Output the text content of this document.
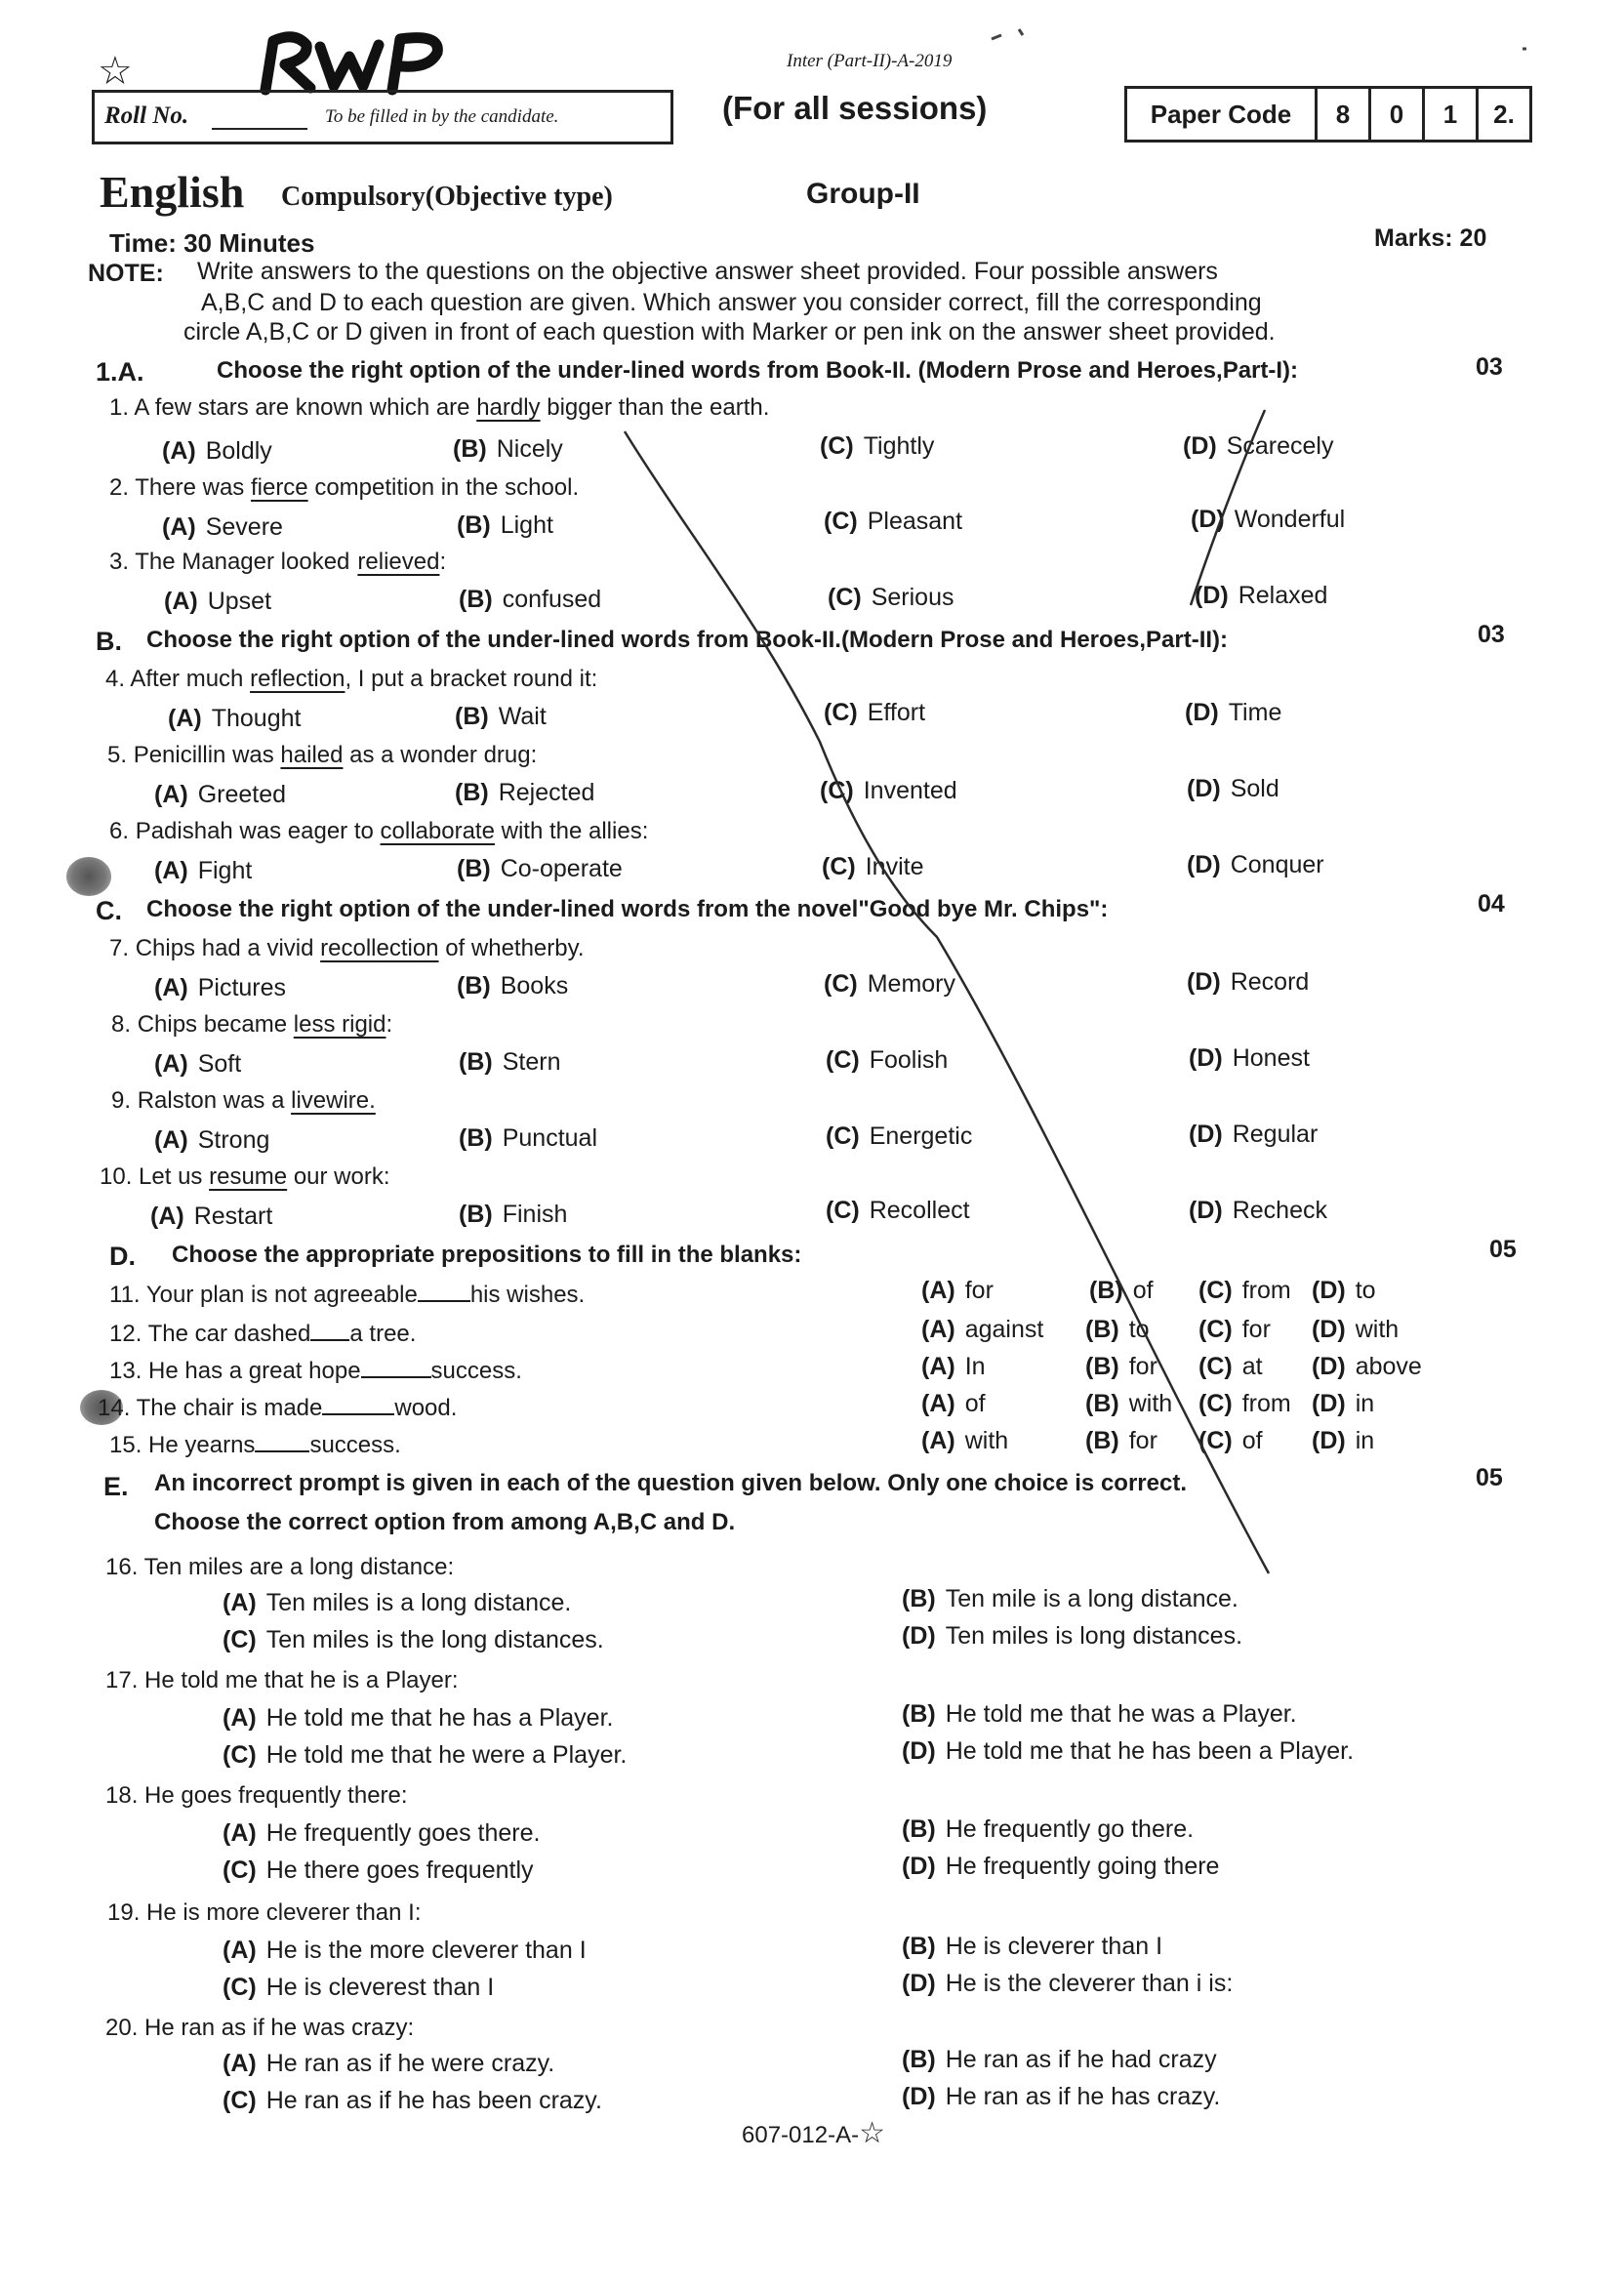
☆	Inter (Part-II)-A-2019
(For all sessions)
Roll No.	To be filled in by the candidate.	Paper Code	8	0	1	2.
English Compulsory(Objective type)	Group-II
Time: 30 Minutes	Marks: 20
NOTE: Write answers to the questions on the objective answer sheet provided. Four possible answers
A,B,C and D to each question are given. Which answer you consider correct, fill the corresponding
circle A,B,C or D given in front of each question with Marker or pen ink on the answer sheet provided.
1.A.	Choose the right option of the under-lined words from Book-II. (Modern Prose and Heroes,Part-I):	03
1. A few stars are known which are hardly bigger than the earth.
(A) Boldly	(B) Nicely	(C) Tightly	(D) Scarecely
2. There was fierce competition in the school.
(A) Severe	(B) Light	(C) Pleasant	(D) Wonderful
3. The Manager looked relieved:
(A) Upset	(B) confused	(C) Serious	(D) Relaxed
B. Choose the right option of the under-lined words from Book-II.(Modern Prose and Heroes,Part-II):	03
4. After much reflection, I put a bracket round it:
(A) Thought	(B) Wait	(C) Effort	(D) Time
5. Penicillin was hailed as a wonder drug:
(A) Greeted	(B) Rejected	(C) Invented	(D) Sold
6. Padishah was eager to collaborate with the allies:
(A) Fight	(B) Co-operate	(C) Invite	(D) Conquer
C. Choose the right option of the under-lined words from the novel"Good bye Mr. Chips":	04
7. Chips had a vivid recollection of whetherby.
(A) Pictures	(B) Books	(C) Memory	(D) Record
8. Chips became less rigid:
(A) Soft	(B) Stern	(C) Foolish	(D) Honest
9. Ralston was a livewire.
(A) Strong	(B) Punctual	(C) Energetic	(D) Regular
10. Let us resume our work:
(A) Restart	(B) Finish	(C) Recollect	(D) Recheck
D. Choose the appropriate prepositions to fill in the blanks:	05
11. Your plan is not agreeable his wishes.	(A) for	(B) of (C) from (D) to
12. The car dashed a tree.	(A) against (B) to (C) for (D) with
13. He has a great hope	success.	(A) In	(B) for (C) at (D) above
14. The chair is made	wood.	(A) of	(B) with (C) from (D) in
15. He yearns success.	(A) with	(B) for (C) of (D) in
E. An incorrect prompt is given in each of the question given below. Only one choice is correct.
Choose the correct option from among A,B,C and D.
05
16. Ten miles are a long distance:
(A) Ten miles is a long distance.	(B) Ten mile is a long distance.
(C) Ten miles is the long distances.	(D) Ten miles is long distances.
17. He told me that he is a Player:
(A) He told me that he has a Player.	(B) He told me that he was a Player.
(C) He told me that he were a Player.	(D) He told me that he has been a Player.
18. He goes frequently there:
(A) He frequently goes there.	(B) He frequently go there.
(C) He there goes frequently	(D) He frequently going there
19. He is more cleverer than I:
(A) He is the more cleverer than I	(B) He is cleverer than I
(C) He is cleverest than I	(D) He is the cleverer than i is:
20. He ran as if he was crazy:
(A) He ran as if he were crazy.	(B) He ran as if he had crazy
(C) He ran as if he has been crazy.	(D) He ran as if he has crazy.
607-012-A-☆
